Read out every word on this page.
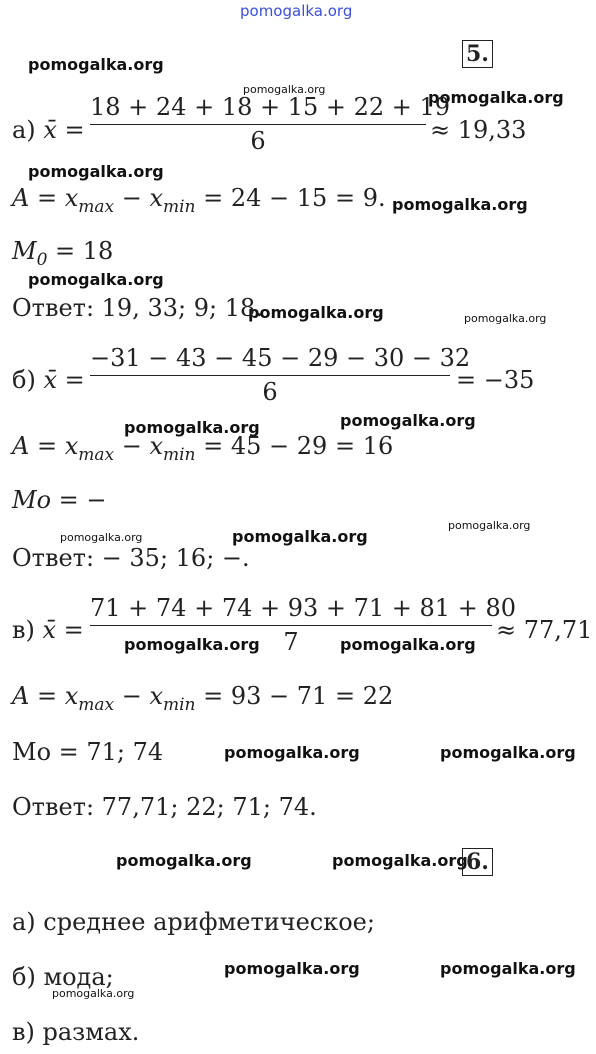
pomogalka.org
pomogalka.org
pomogalka.org	pomogalka.org
pomogalka.org
pomogalka.org
pomogalka.org
pomogalka.org	pomogalka.org
pomogalka.org	pomogalka.org
pomogalka.org	pomogalka.org
pomogalka.org
pomogalka.org	pomogalka.org
pomogalka.org	pomogalka.org
pomogalka.org	pomogalka.org
pomogalka.org	pomogalka.org
pomogalka.org
5.
а) x̄ =
18 + 24 + 18 + 15 + 22 + 19
6	≈ 19,33
$A = x_{max} - x_{min} = 24 - 15 = 9$.
$M_0 = 18$
Ответ: 19, 33; 9; 18.
б) x̄ =
−31 − 43 − 45 − 29 − 30 − 32
6	= −35
$A = x_{max} - x_{min} = 45 - 29 = 16$
Mo = −
Ответ: − 35; 16; −.
в) x̄ =
71 + 74 + 74 + 93 + 71 + 81 + 80
7	≈ 77,71
$A = x_{max} - x_{min} = 93 - 71 = 22$
Mo = 71; 74
Ответ: 77,71; 22; 71; 74.
6.
а) среднее арифметическое;
б) мода;
в) размах.
